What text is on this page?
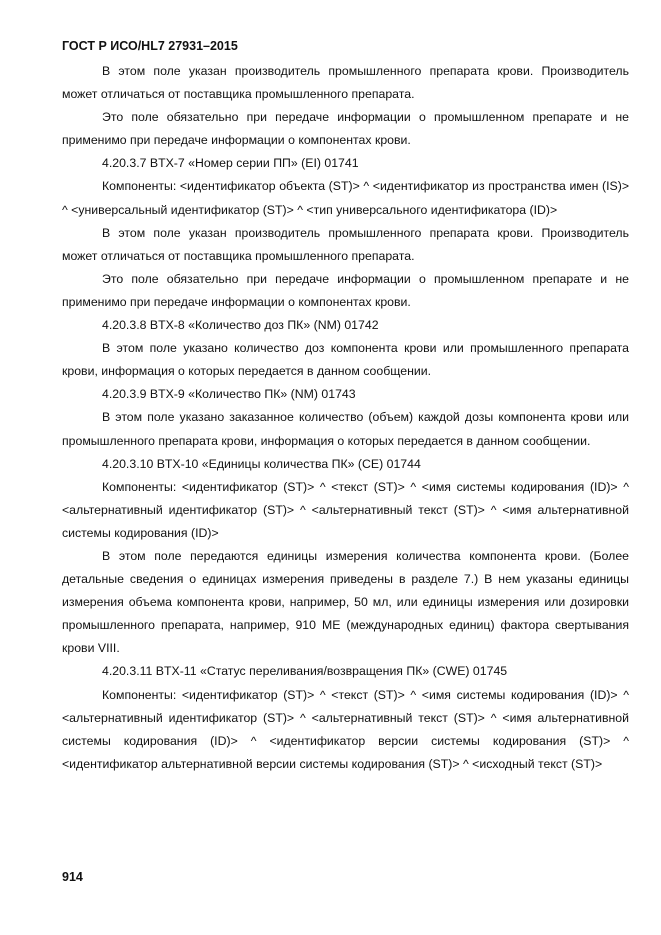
ГОСТ Р ИСО/HL7 27931–2015

В этом поле указан производитель промышленного препарата крови. Производитель может отличаться от поставщика промышленного препарата.

Это поле обязательно при передаче информации о промышленном препарате и не применимо при передаче информации о компонентах крови.

4.20.3.7 BTX-7 «Номер серии ПП» (EI) 01741

Компоненты: <идентификатор объекта (ST)> ^ <идентификатор из пространства имен (IS)> ^ <универсальный идентификатор (ST)> ^ <тип универсального идентификатора (ID)>

В этом поле указан производитель промышленного препарата крови. Производитель может отличаться от поставщика промышленного препарата.

Это поле обязательно при передаче информации о промышленном препарате и не применимо при передаче информации о компонентах крови.

4.20.3.8 BTX-8 «Количество доз ПК» (NM) 01742

В этом поле указано количество доз компонента крови или промышленного препарата крови, информация о которых передается в данном сообщении.

4.20.3.9 BTX-9 «Количество ПК» (NM) 01743

В этом поле указано заказанное количество (объем) каждой дозы компонента крови или промышленного препарата крови, информация о которых передается в данном сообщении.

4.20.3.10 BTX-10 «Единицы количества ПК» (CE) 01744

Компоненты: <идентификатор (ST)> ^ <текст (ST)> ^ <имя системы кодирования (ID)> ^ <альтернативный идентификатор (ST)> ^ <альтернативный текст (ST)> ^ <имя альтернативной системы кодирования (ID)>

В этом поле передаются единицы измерения количества компонента крови. (Более детальные сведения о единицах измерения приведены в разделе 7.) В нем указаны единицы измерения объема компонента крови, например, 50 мл, или единицы измерения или дозировки промышленного препарата, например, 910 МЕ (международных единиц) фактора свертывания крови VIII.

4.20.3.11 BTX-11 «Статус переливания/возвращения ПК» (CWE) 01745

Компоненты: <идентификатор (ST)> ^ <текст (ST)> ^ <имя системы кодирования (ID)> ^ <альтернативный идентификатор (ST)> ^ <альтернативный текст (ST)> ^ <имя альтернативной системы кодирования (ID)> ^ <идентификатор версии системы кодирования (ST)> ^ <идентификатор альтернативной версии системы кодирования (ST)> ^ <исходный текст (ST)>

914
